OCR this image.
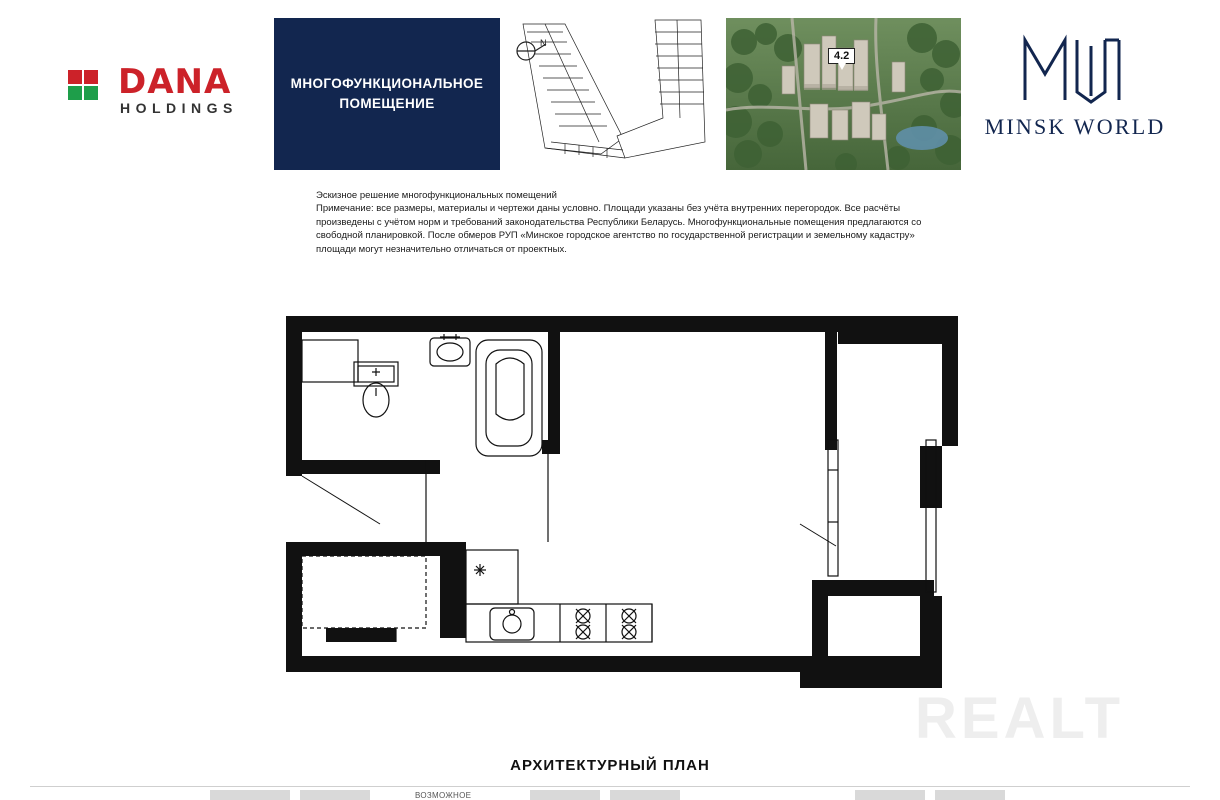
DANA
HOLDINGS
МНОГОФУНКЦИОНАЛЬНОЕ
ПОМЕЩЕНИЕ
N
4.2
MINSK WORLD
Эскизное решение многофункциональных помещений
Примечание: все размеры, материалы и чертежи даны условно. Площади указаны без учёта внутренних перегородок. Все расчёты произведены с учётом норм и требований законодательства Республики Беларусь. Многофункциональные помещения предлагаются со свободной планировкой. После обмеров РУП «Минское городское агентство по государственной регистрации и земельному кадастру» площади могут незначительно отличаться от проектных.
REALT
АРХИТЕКТУРНЫЙ ПЛАН
ВОЗМОЖНОЕ
